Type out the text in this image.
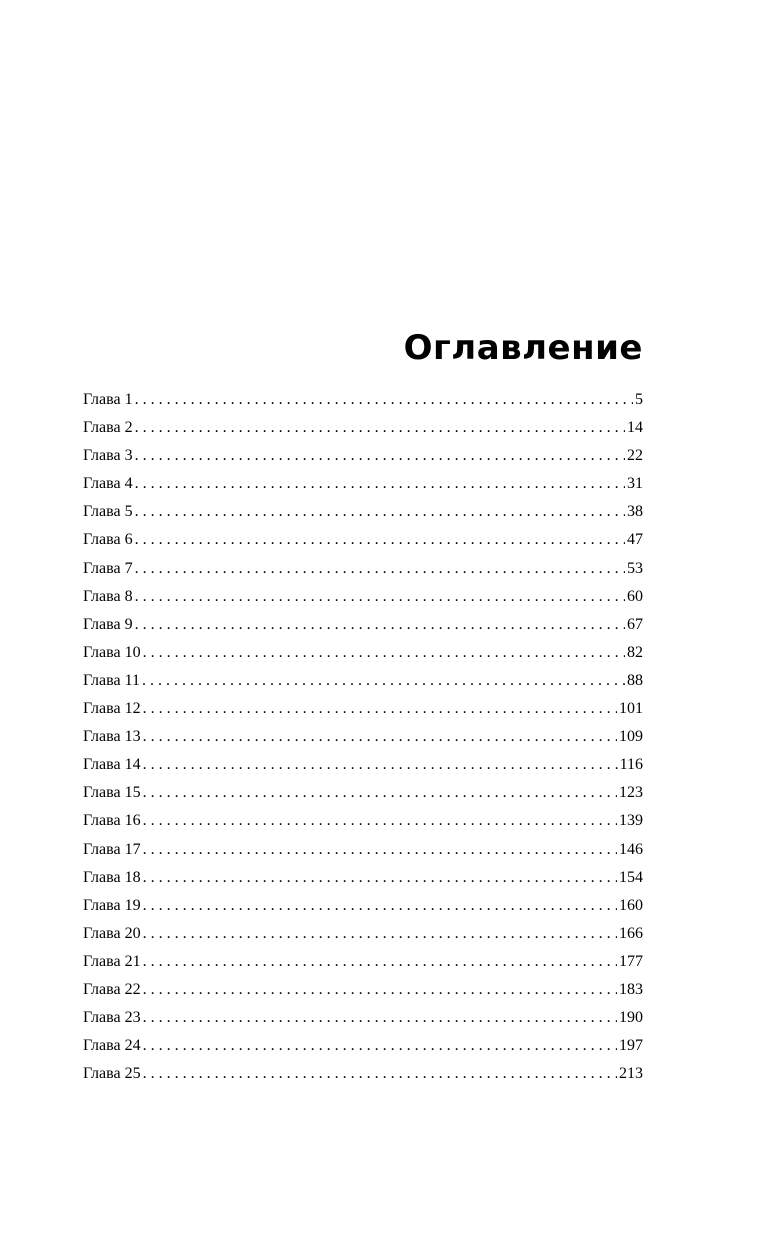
Оглавление
Глава 1 . . .	5
Глава 2 . . .	14
Глава 3 . . .	22
Глава 4 . . .	31
Глава 5 . . .	38
Глава 6 . . .	47
Глава 7 . . .	53
Глава 8 . . .	60
Глава 9 . . .	67
Глава 10 . . .	82
Глава 11 . . .	88
Глава 12 . . .	101
Глава 13 . . .	109
Глава 14 . . .	116
Глава 15 . . .	123
Глава 16 . . .	139
Глава 17 . . .	146
Глава 18 . . .	154
Глава 19 . . .	160
Глава 20 . . .	166
Глава 21 . . .	177
Глава 22 . . .	183
Глава 23 . . .	190
Глава 24 . . .	197
Глава 25 . . .	213
